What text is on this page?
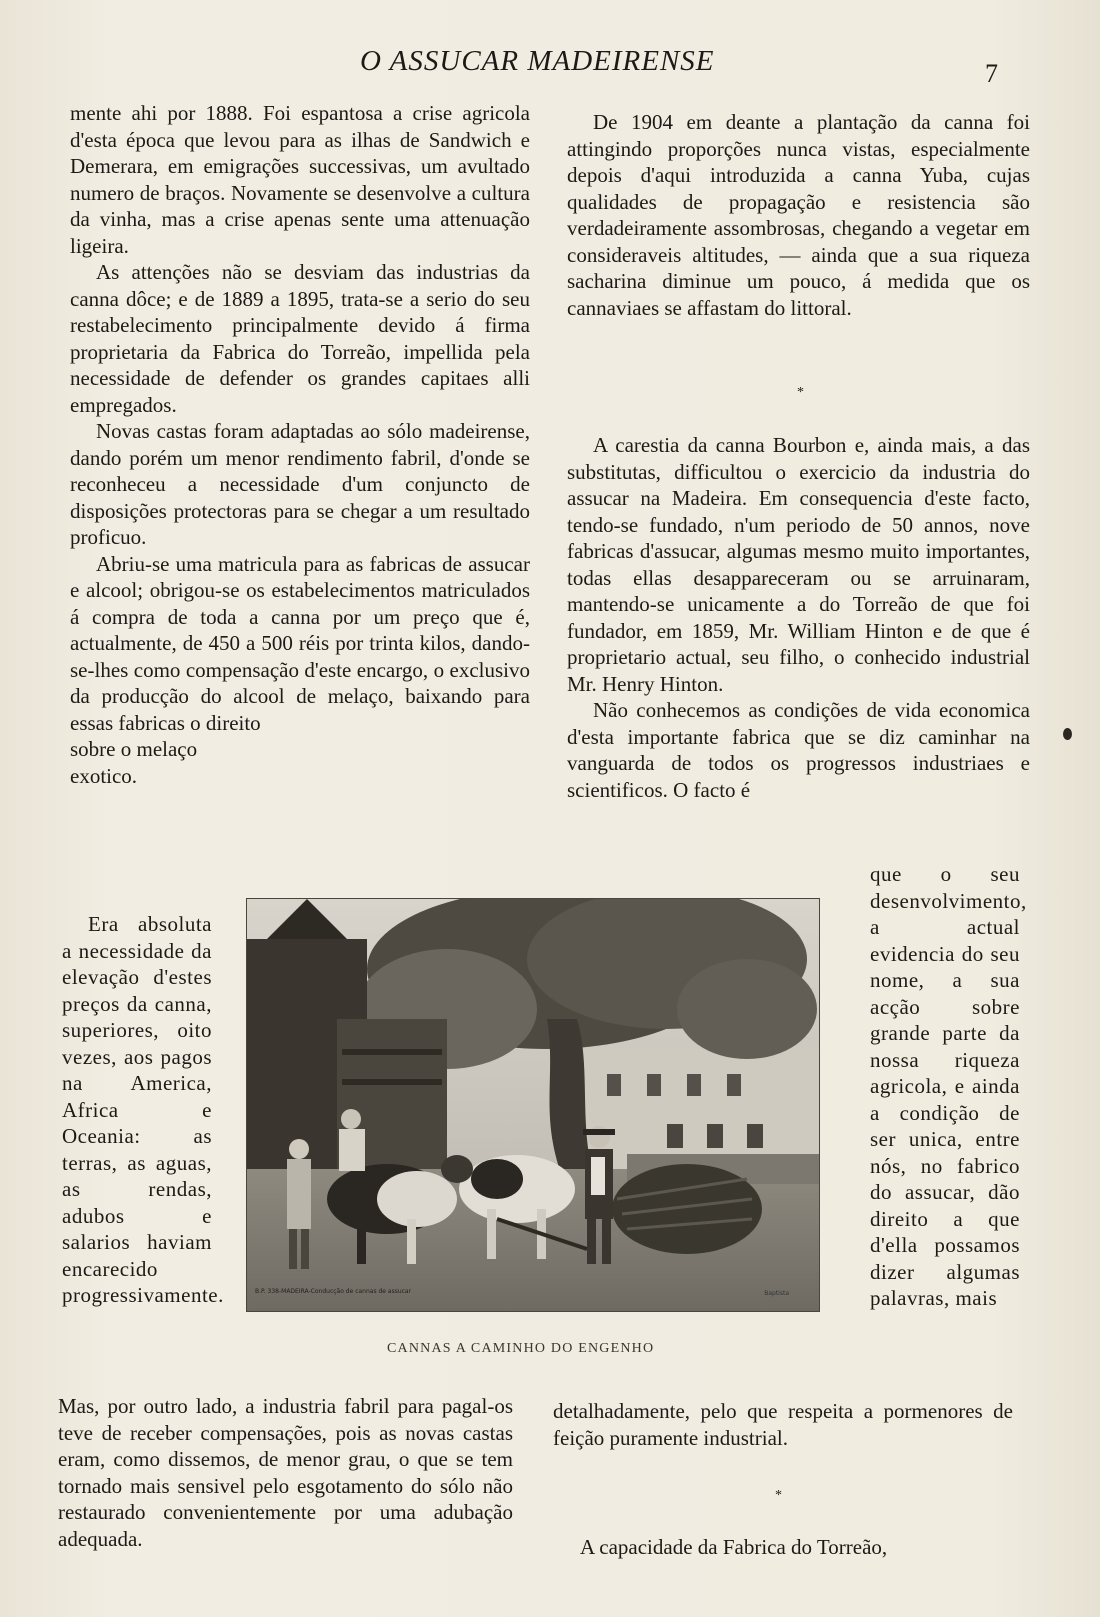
O ASSUCAR MADEIRENSE	7

mente ahi por 1888. Foi espantosa a crise agricola d'esta época que levou para as ilhas de Sandwich e Demerara, em emigrações successivas, um avultado numero de braços. Novamente se desenvolve a cultura da vinha, mas a crise apenas sente uma attenuação ligeira.

As attenções não se desviam das industrias da canna dôce; e de 1889 a 1895, trata-se a serio do seu restabelecimento principalmente devido á firma proprietaria da Fabrica do Torreão, impellida pela necessidade de defender os grandes capitaes alli empregados.

Novas castas foram adaptadas ao sólo madeirense, dando porém um menor rendimento fabril, d'onde se reconheceu a necessidade d'um conjuncto de disposições protectoras para se chegar a um resultado proficuo.

Abriu-se uma matricula para as fabricas de assucar e alcool; obrigou-se os estabelecimentos matriculados á compra de toda a canna por um preço que é, actualmente, de 450 a 500 réis por trinta kilos, dando-se-lhes como compensação d'este encargo, o exclusivo da producção do alcool de melaço, baixando para essas fabricas o direito

sobre o melaço exotico.

Era absoluta a necessidade da elevação d'estes preços da canna, superiores, oito vezes, aos pagos na America, Africa e Oceania: as terras, as aguas, as rendas, adubos e salarios haviam encarecido progressivamente.

Mas, por outro lado, a industria fabril para pagal-os teve de receber compensações, pois as novas castas eram, como dissemos, de menor grau, o que se tem tornado mais sensivel pelo esgotamento do sólo não restaurado convenientemente por uma adubação adequada.

De 1904 em deante a plantação da canna foi attingindo proporções nunca vistas, especialmente depois d'aqui introduzida a canna Yuba, cujas qualidades de propagação e resistencia são verdadeiramente assombrosas, chegando a vegetar em consideraveis altitudes, — ainda que a sua riqueza sacharina diminue um pouco, á medida que os cannaviaes se affastam do littoral.

*

A carestia da canna Bourbon e, ainda mais, a das substitutas, difficultou o exercicio da industria do assucar na Madeira. Em consequencia d'este facto, tendo-se fundado, n'um periodo de 50 annos, nove fabricas d'assucar, algumas mesmo muito importantes, todas ellas desappareceram ou se arruinaram, mantendo-se unicamente a do Torreão de que foi fundador, em 1859, Mr. William Hinton e de que é proprietario actual, seu filho, o conhecido industrial Mr. Henry Hinton.

Não conhecemos as condições de vida economica d'esta importante fabrica que se diz caminhar na vanguarda de todos os progressos industriaes e scientificos. O facto é

que o seu desenvolvimento, a actual evidencia do seu nome, a sua acção sobre grande parte da nossa riqueza agricola, e ainda a condição de ser unica, entre nós, no fabrico do assucar, dão direito a que d'ella possamos dizer algumas palavras, mais

detalhadamente, pelo que respeita a pormenores de feição puramente industrial.

*

A capacidade da Fabrica do Torreão,

B.P. 338-MADEIRA-Conducção de cannas de assucar	Baptista
CANNAS A CAMINHO DO ENGENHO
